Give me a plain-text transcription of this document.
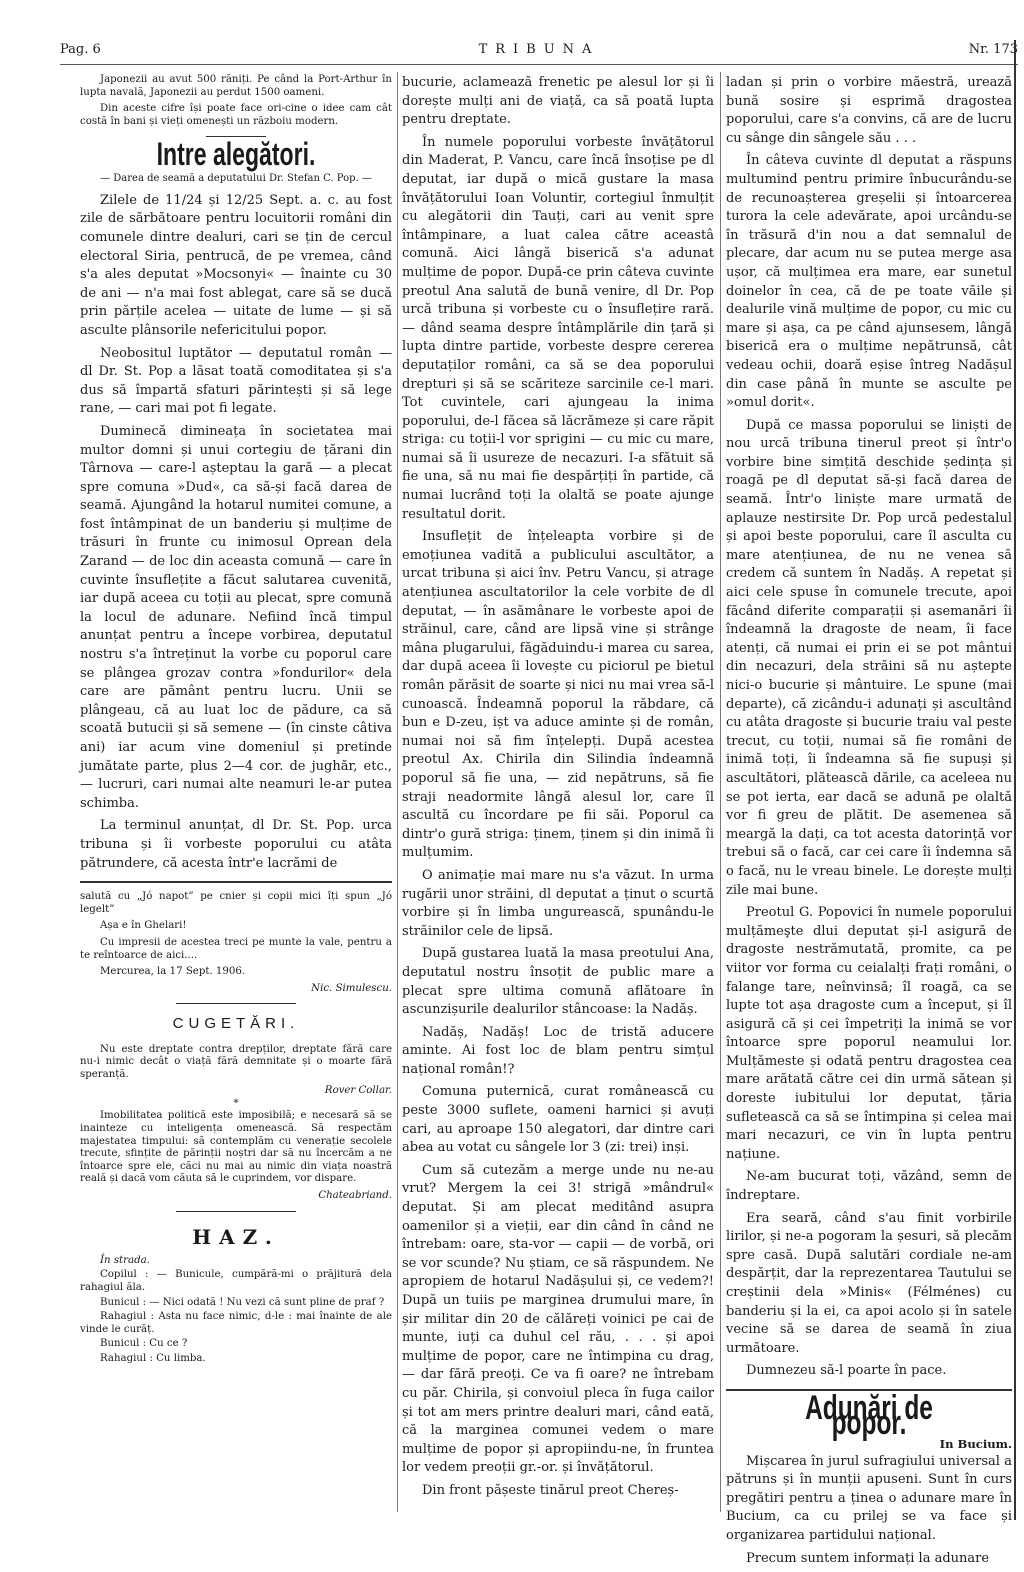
Pag. 6	TRIBUNA	Nr. 173

Japonezii au avut 500 răniți. Pe când la Port-Arthur în lupta navală, Japonezii au perdut 1500 oameni.

Din aceste cifre își poate face ori-cine o idee cam cât costă în bani și vieți omenești un războiu modern.

Intre alegători.
— Darea de seamă a deputatului Dr. Stefan C. Pop. —

Zilele de 11/24 și 12/25 Sept. a. c. au fost zile de sărbătoare pentru locuitorii români din comunele dintre dealuri, cari se țin de cercul electoral Siria, pentrucă, de pe vremea, când s'a ales deputat »Mocsonyi« — înainte cu 30 de ani — n'a mai fost ablegat, care să se ducă prin părțile acelea — uitate de lume — și să asculte plânsorile nefericitului popor.

Neobositul luptător — deputatul român — dl Dr. St. Pop a lăsat toată comoditatea și s'a dus să împartă sfaturi părintești și să lege rane, — cari mai pot fi legate.

Duminecă dimineața în societatea mai multor domni și unui cortegiu de țărani din Târnova — care-l așteptau la gară — a plecat spre comuna »Dud«, ca să-și facă darea de seamă. Ajungând la hotarul numitei comune, a fost întâmpinat de un banderiu și mulțime de trăsuri în frunte cu inimosul Oprean dela Zarand — de loc din aceasta comună — care în cuvinte însuflețite a făcut salutarea cuvenită, iar după aceea cu toții au plecat, spre comună la locul de adunare. Nefiind încă timpul anunțat pentru a începe vorbirea, deputatul nostru s'a întreținut la vorbe cu poporul care se plângea grozav contra »fondurilor« dela care are pământ pentru lucru. Unii se plângeau, că au luat loc de pădure, ca să scoată butucii și să semene — (în cinste câtiva ani) iar acum vine domeniul și pretinde jumătate parte, plus 2—4 cor. de jughăr, etc., — lucruri, cari numai alte neamuri le-ar putea schimba.

La terminul anunțat, dl Dr. St. Pop. urca tribuna și îi vorbeste poporului cu atâta pătrundere, că acesta într'e lacrămi de

salută cu „Jó napot” pe cnier și copii mici îți spun „Jó legelt”

Așa e în Ghelari!

Cu impresii de acestea treci pe munte la vale, pentru a te reîntoarce de aici....

Mercurea, la 17 Sept. 1906.

Nic. Simulescu.
CUGETĂRI.

Nu este dreptate contra drepților, dreptate fără care nu-i nimic decât o viață fără demnitate și o moarte fără speranță.

Rover Collar.
*

Imobilitatea politică este imposibilă; e necesară să se inainteze cu inteligența omenească. Să respectăm majestatea timpului: să contemplăm cu venerație secolele trecute, sfințite de părinții noștri dar să nu încercăm a ne întoarce spre ele, căci nu mai au nimic din viața noastră reală și dacă vom căuta să le cuprindem, vor dispare.

Chateabriand.
HAZ.

În strada.

Copilul : — Bunicule, cumpără-mi o prăjitură dela rahagiul ăla.

Bunicul : — Nici odată ! Nu vezi că sunt pline de praf ?

Rahagiul : Asta nu face nimic, d-le : mai înainte de ale vinde le curăț.

Bunicul : Cu ce ?

Rahagiul : Cu limba.

bucurie, aclamează frenetic pe alesul lor și îi dorește mulți ani de viață, ca să poată lupta pentru dreptate.

În numele poporului vorbeste învățătorul din Maderat, P. Vancu, care încă însoțise pe dl deputat, iar după o mică gustare la masa învățătorului Ioan Voluntir, cortegiul înmulțit cu alegătorii din Tauți, cari au venit spre întâmpinare, a luat calea către aceastâ comună. Aici lângă biserică s'a adunat mulțime de popor. După-ce prin câteva cuvinte preotul Ana salută de bună venire, dl Dr. Pop urcă tribuna și vorbeste cu o însuflețire rară. — dând seama despre întâmplările din țară și lupta dintre partide, vorbeste despre cererea deputaților români, ca să se dea poporului drepturi și să se scăriteze sarcinile ce-l mari. Tot cuvintele, cari ajungeau la inima poporului, de-l făcea să lăcrămeze și care răpit striga: cu toții-l vor sprigini — cu mic cu mare, numai să îi usureze de necazuri. I-a sfătuit să fie una, să nu mai fie despărțiți în partide, că numai lucrând toți la olaltă se poate ajunge resultatul dorit.

Insuflețit de înțeleapta vorbire și de emoțiunea vadită a publicului ascultător, a urcat tribuna și aici înv. Petru Vancu, și atrage atențiunea ascultatorilor la cele vorbite de dl deputat, — în asămânare le vorbeste apoi de străinul, care, când are lipsă vine și strânge mâna plugarului, făgăduindu-i marea cu sarea, dar după aceea îi lovește cu piciorul pe bietul român părăsit de soarte și nici nu mai vrea să-l cunoască. Îndeamnă poporul la răbdare, că bun e D-zeu, ișt va aduce aminte și de român, numai noi să fim înțelepți. După acestea preotul Ax. Chirila din Silindia îndeamnă poporul să fie una, — zid nepătruns, să fie straji neadormite lângă alesul lor, care îl ascultă cu încordare pe fii săi. Poporul ca dintr'o gură striga: ținem, ținem și din inimă îi mulțumim.

O animație mai mare nu s'a văzut. In urma rugării unor străini, dl deputat a ținut o scurtă vorbire și în limba ungurească, spunându-le străinilor cele de lipsă.

După gustarea luată la masa preotului Ana, deputatul nostru însoțit de public mare a plecat spre ultima comună aflătoare în ascunzișurile dealurilor stâncoase: la Nadăș.

Nadăș, Nadăș! Loc de tristă aducere aminte. Ai fost loc de blam pentru simțul național român!?

Comuna puternică, curat românească cu peste 3000 suflete, oameni harnici și avuți cari, au aproape 150 alegatori, dar dintre cari abea au votat cu sângele lor 3 (zi: trei) inși.

Cum să cutezăm a merge unde nu ne-au vrut? Mergem la cei 3! strigă »mândrul« deputat. Și am plecat meditând asupra oamenilor și a vieții, ear din când în când ne întrebam: oare, sta-vor — capii — de vorbă, ori se vor scunde? Nu știam, ce să răspundem. Ne apropiem de hotarul Nadășului și, ce vedem?! După un tuiis pe marginea drumului mare, în șir militar din 20 de călăreți voinici pe cai de munte, iuți ca duhul cel rău, . . . și apoi mulțime de popor, care ne întimpina cu drag, — dar fără preoți. Ce va fi oare? ne întrebam cu păr. Chirila, și convoiul pleca în fuga cailor și tot am mers printre dealuri mari, când eată, că la marginea comunei vedem o mare mulțime de popor și apropiindu-ne, în fruntea lor vedem preoții gr.-or. și învățătorul.

Din front pășeste tinărul preot Chereș-

ladan și prin o vorbire măestră, urează bună sosire și esprimă dragostea poporului, care s'a convins, că are de lucru cu sânge din sângele său . . .

În câteva cuvinte dl deputat a răspuns multumind pentru primire înbucurându-se de recunoașterea greșelii și întoarcerea turora la cele adevărate, apoi urcându-se în trăsură d'in nou a dat semnalul de plecare, dar acum nu se putea merge asa ușor, că mulțimea era mare, ear sunetul doinelor în cea, că de pe toate văile și dealurile vină mulțime de popor, cu mic cu mare și așa, ca pe când ajunsesem, lângă biserică era o mulțime nepătrunsă, cât vedeau ochii, doară eșise întreg Nadășul din case până în munte se asculte pe »omul dorit«.

După ce massa poporului se liniști de nou urcă tribuna tinerul preot și într'o vorbire bine simțită deschide ședința și roagă pe dl deputat să-și facă darea de seamă. Într'o liniște mare urmată de aplauze nestirsite Dr. Pop urcă pedestalul și apoi beste poporului, care îl asculta cu mare atențiunea, de nu ne venea să credem că suntem în Nadăș. A repetat și aici cele spuse în comunele trecute, apoi făcând diferite comparații și asemanări îi îndeamnă la dragoste de neam, îi face atenți, că numai ei prin ei se pot mântui din necazuri, dela străini să nu aștepte nici-o bucurie și mântuire. Le spune (mai departe), că zicându-i adunați și ascultând cu atâta dragoste și bucurie traiu val peste trecut, cu toții, numai să fie români de inimă toți, îi îndeamna să fie supuși și ascultători, plătească dările, ca aceleea nu se pot ierta, ear dacă se adună pe olaltă vor fi greu de plătit. De asemenea să meargă la dați, ca tot acesta datorință vor trebui să o facă, car cei care îi îndemna să o facă, nu le vreau binele. Le dorește mulți zile mai bune.

Preotul G. Popovici în numele poporului mulțămeşte dlui deputat și-l asigură de dragoste nestrămutată, promite, ca pe viitor vor forma cu ceialalți frați români, o falange tare, neînvinsă; îl roagă, ca se lupte tot așa dragoste cum a început, și îl asigură că și cei împetriți la inimă se vor întoarce spre poporul neamului lor. Mulțămeste și odată pentru dragostea cea mare arătată către cei din urmă sătean și doreste iubitului lor deputat, țăria sufletească ca să se întimpina și celea mai mari necazuri, ce vin în lupta pentru națiune.

Ne-am bucurat toți, văzând, semn de îndreptare.

Era seară, când s'au finit vorbirile lirilor, și ne-a pogoram la șesuri, să plecăm spre casă. După salutări cordiale ne-am despărțit, dar la reprezentarea Tautului se creștinii dela »Minis« (Félménes) cu banderiu și la ei, ca apoi acolo și în satele vecine să se darea de seamă în ziua următoare.

Dumnezeu să-l poarte în pace.

Adunări de popor.
In Bucium.

Mișcarea în jurul sufragiului universal a pătruns și în munții apuseni. Sunt în curs pregătiri pentru a ținea o adunare mare în Bucium, ca cu prilej se va face și organizarea partidului național.

Precum suntem informați la adunare
